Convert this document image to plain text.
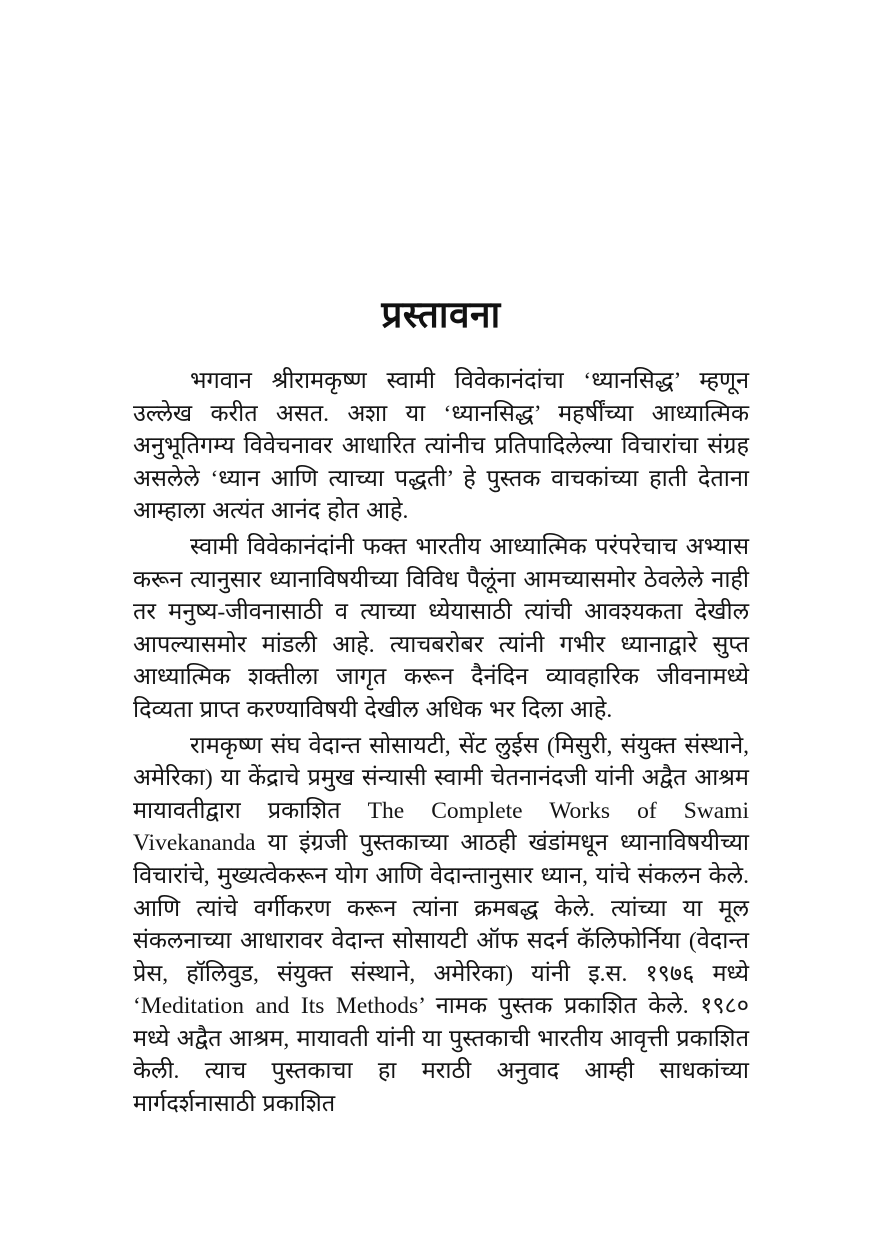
प्रस्तावना

भगवान श्रीरामकृष्ण स्वामी विवेकानंदांचा ‘ध्यानसिद्ध’ म्हणून उल्लेख करीत असत. अशा या ‘ध्यानसिद्ध’ महर्षींच्या आध्यात्मिक अनुभूतिगम्य विवेचनावर आधारित त्यांनीच प्रतिपादिलेल्या विचारांचा संग्रह असलेले ‘ध्यान आणि त्याच्या पद्धती’ हे पुस्तक वाचकांच्या हाती देताना आम्हाला अत्यंत आनंद होत आहे.

स्वामी विवेकानंदांनी फक्त भारतीय आध्यात्मिक परंपरेचाच अभ्यास करून त्यानुसार ध्यानाविषयीच्या विविध पैलूंना आमच्यासमोर ठेवलेले नाही तर मनुष्य-जीवनासाठी व त्याच्या ध्येयासाठी त्यांची आवश्यकता देखील आपल्यासमोर मांडली आहे. त्याचबरोबर त्यांनी गभीर ध्यानाद्वारे सुप्त आध्यात्मिक शक्तीला जागृत करून दैनंदिन व्यावहारिक जीवनामध्ये दिव्यता प्राप्त करण्याविषयी देखील अधिक भर दिला आहे.

रामकृष्ण संघ वेदान्त सोसायटी, सेंट लुईस (मिसुरी, संयुक्त संस्थाने, अमेरिका) या केंद्राचे प्रमुख संन्यासी स्वामी चेतनानंदजी यांनी अद्वैत आश्रम मायावतीद्वारा प्रकाशित The Complete Works of Swami Vivekananda या इंग्रजी पुस्तकाच्या आठही खंडांमधून ध्यानाविषयीच्या विचारांचे, मुख्यत्वेकरून योग आणि वेदान्तानुसार ध्यान, यांचे संकलन केले. आणि त्यांचे वर्गीकरण करून त्यांना क्रमबद्ध केले. त्यांच्या या मूल संकलनाच्या आधारावर वेदान्त सोसायटी ऑफ सदर्न कॅलिफोर्निया (वेदान्त प्रेस, हॉलिवुड, संयुक्त संस्थाने, अमेरिका) यांनी इ.स. १९७६ मध्ये ‘Meditation and Its Methods’ नामक पुस्तक प्रकाशित केले. १९८० मध्ये अद्वैत आश्रम, मायावती यांनी या पुस्तकाची भारतीय आवृत्ती प्रकाशित केली. त्याच पुस्तकाचा हा मराठी अनुवाद आम्ही साधकांच्या मार्गदर्शनासाठी प्रकाशित
